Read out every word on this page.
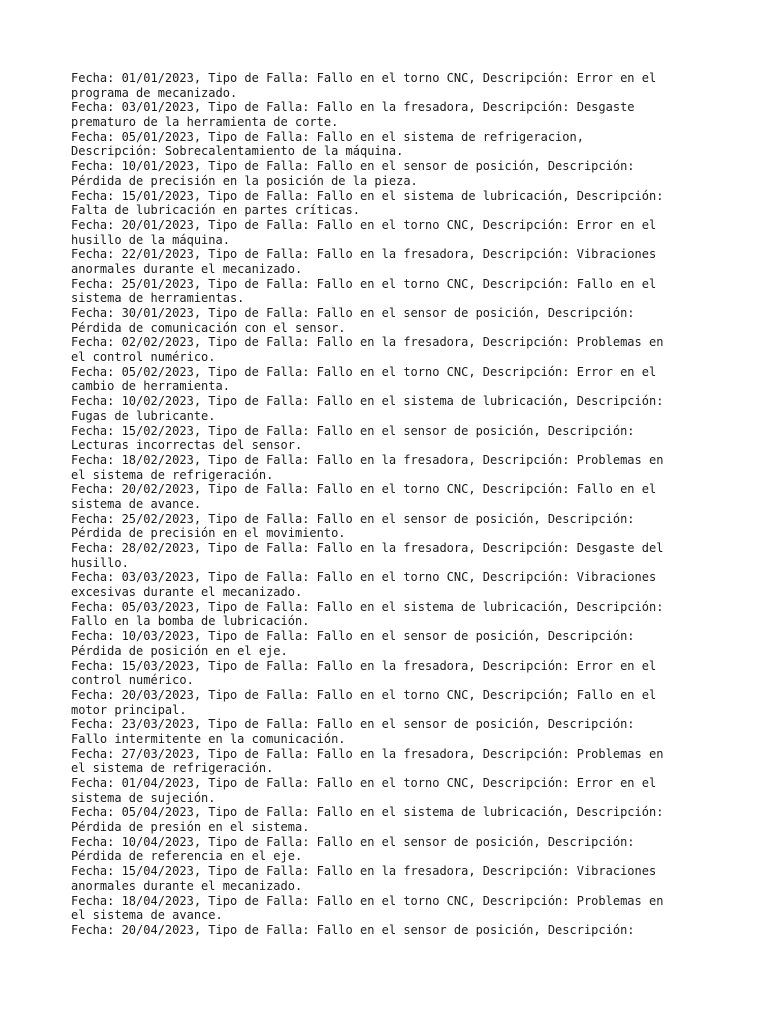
Fecha: 01/01/2023, Tipo de Falla: Fallo en el torno CNC, Descripción: Error en el
programa de mecanizado.
Fecha: 03/01/2023, Tipo de Falla: Fallo en la fresadora, Descripción: Desgaste
prematuro de la herramienta de corte.
Fecha: 05/01/2023, Tipo de Falla: Fallo en el sistema de refrigeracion,
Descripción: Sobrecalentamiento de la máquina.
Fecha: 10/01/2023, Tipo de Falla: Fallo en el sensor de posición, Descripción:
Pérdida de precisión en la posición de la pieza.
Fecha: 15/01/2023, Tipo de Falla: Fallo en el sistema de lubricación, Descripción:
Falta de lubricación en partes críticas.
Fecha: 20/01/2023, Tipo de Falla: Fallo en el torno CNC, Descripción: Error en el
husillo de la máquina.
Fecha: 22/01/2023, Tipo de Falla: Fallo en la fresadora, Descripción: Vibraciones
anormales durante el mecanizado.
Fecha: 25/01/2023, Tipo de Falla: Fallo en el torno CNC, Descripción: Fallo en el
sistema de herramientas.
Fecha: 30/01/2023, Tipo de Falla: Fallo en el sensor de posición, Descripción:
Pérdida de comunicación con el sensor.
Fecha: 02/02/2023, Tipo de Falla: Fallo en la fresadora, Descripción: Problemas en
el control numérico.
Fecha: 05/02/2023, Tipo de Falla: Fallo en el torno CNC, Descripción: Error en el
cambio de herramienta.
Fecha: 10/02/2023, Tipo de Falla: Fallo en el sistema de lubricación, Descripción:
Fugas de lubricante.
Fecha: 15/02/2023, Tipo de Falla: Fallo en el sensor de posición, Descripción:
Lecturas incorrectas del sensor.
Fecha: 18/02/2023, Tipo de Falla: Fallo en la fresadora, Descripción: Problemas en
el sistema de refrigeración.
Fecha: 20/02/2023, Tipo de Falla: Fallo en el torno CNC, Descripción: Fallo en el
sistema de avance.
Fecha: 25/02/2023, Tipo de Falla: Fallo en el sensor de posición, Descripción:
Pérdida de precisión en el movimiento.
Fecha: 28/02/2023, Tipo de Falla: Fallo en la fresadora, Descripción: Desgaste del
husillo.
Fecha: 03/03/2023, Tipo de Falla: Fallo en el torno CNC, Descripción: Vibraciones
excesivas durante el mecanizado.
Fecha: 05/03/2023, Tipo de Falla: Fallo en el sistema de lubricación, Descripción:
Fallo en la bomba de lubricación.
Fecha: 10/03/2023, Tipo de Falla: Fallo en el sensor de posición, Descripción:
Pérdida de posición en el eje.
Fecha: 15/03/2023, Tipo de Falla: Fallo en la fresadora, Descripción: Error en el
control numérico.
Fecha: 20/03/2023, Tipo de Falla: Fallo en el torno CNC, Descripción; Fallo en el
motor principal.
Fecha: 23/03/2023, Tipo de Falla: Fallo en el sensor de posición, Descripción:
Fallo intermitente en la comunicación.
Fecha: 27/03/2023, Tipo de Falla: Fallo en la fresadora, Descripción: Problemas en
el sistema de refrigeración.
Fecha: 01/04/2023, Tipo de Falla: Fallo en el torno CNC, Descripción: Error en el
sistema de sujeción.
Fecha: 05/04/2023, Tipo de Falla: Fallo en el sistema de lubricación, Descripción:
Pérdida de presión en el sistema.
Fecha: 10/04/2023, Tipo de Falla: Fallo en el sensor de posición, Descripción:
Pérdida de referencia en el eje.
Fecha: 15/04/2023, Tipo de Falla: Fallo en la fresadora, Descripción: Vibraciones
anormales durante el mecanizado.
Fecha: 18/04/2023, Tipo de Falla: Fallo en el torno CNC, Descripción: Problemas en
el sistema de avance.
Fecha: 20/04/2023, Tipo de Falla: Fallo en el sensor de posición, Descripción:
